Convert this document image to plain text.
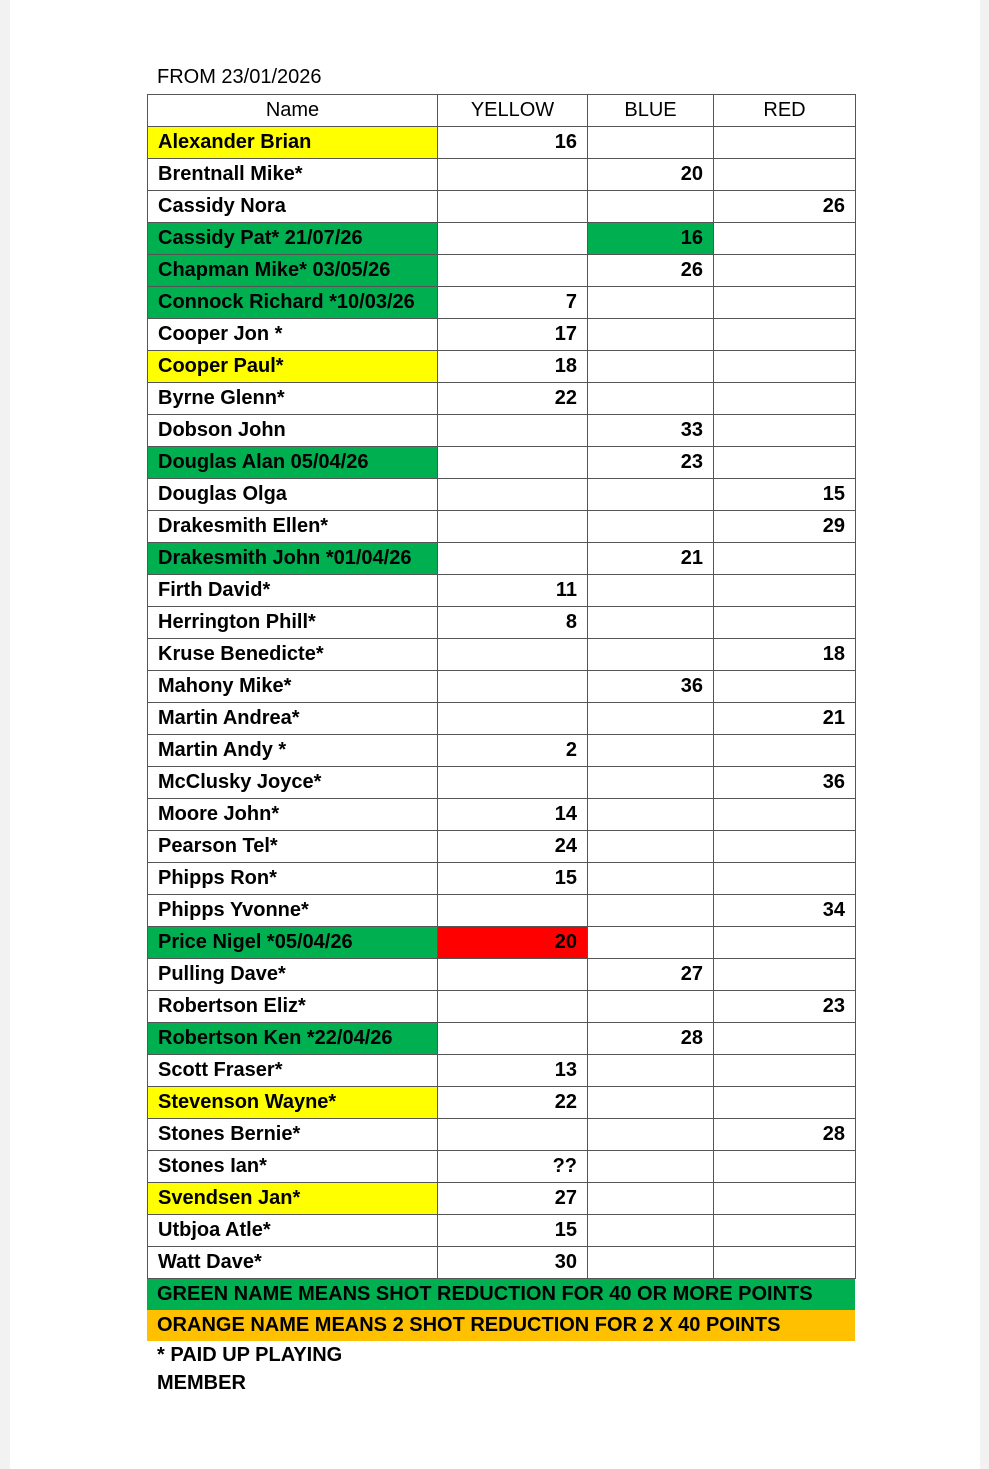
FROM 23/01/2026
Name	YELLOW	BLUE	RED
Alexander Brian	16		
Brentnall Mike*		20	
Cassidy Nora			26
Cassidy Pat* 21/07/26		16	
Chapman Mike* 03/05/26		26	
Connock Richard *10/03/26	7		
Cooper Jon *	17		
Cooper Paul*	18		
Byrne Glenn*	22		
Dobson John		33	
Douglas Alan 05/04/26		23	
Douglas Olga			15
Drakesmith Ellen*			29
Drakesmith John *01/04/26		21	
Firth David*	11		
Herrington Phill*	8		
Kruse Benedicte*			18
Mahony Mike*		36	
Martin Andrea*			21
Martin Andy *	2		
McClusky Joyce*			36
Moore John*	14		
Pearson Tel*	24		
Phipps Ron*	15		
Phipps Yvonne*			34
Price Nigel *05/04/26	20		
Pulling Dave*		27	
Robertson Eliz*			23
Robertson Ken *22/04/26		28	
Scott Fraser*	13		
Stevenson Wayne*	22		
Stones Bernie*			28
Stones Ian*	??		
Svendsen Jan*	27		
Utbjoa Atle*	15		
Watt Dave*	30		
GREEN NAME MEANS SHOT REDUCTION FOR 40 OR MORE POINTS
ORANGE NAME MEANS 2 SHOT REDUCTION FOR 2 X 40 POINTS
* PAID UP PLAYING
MEMBER
